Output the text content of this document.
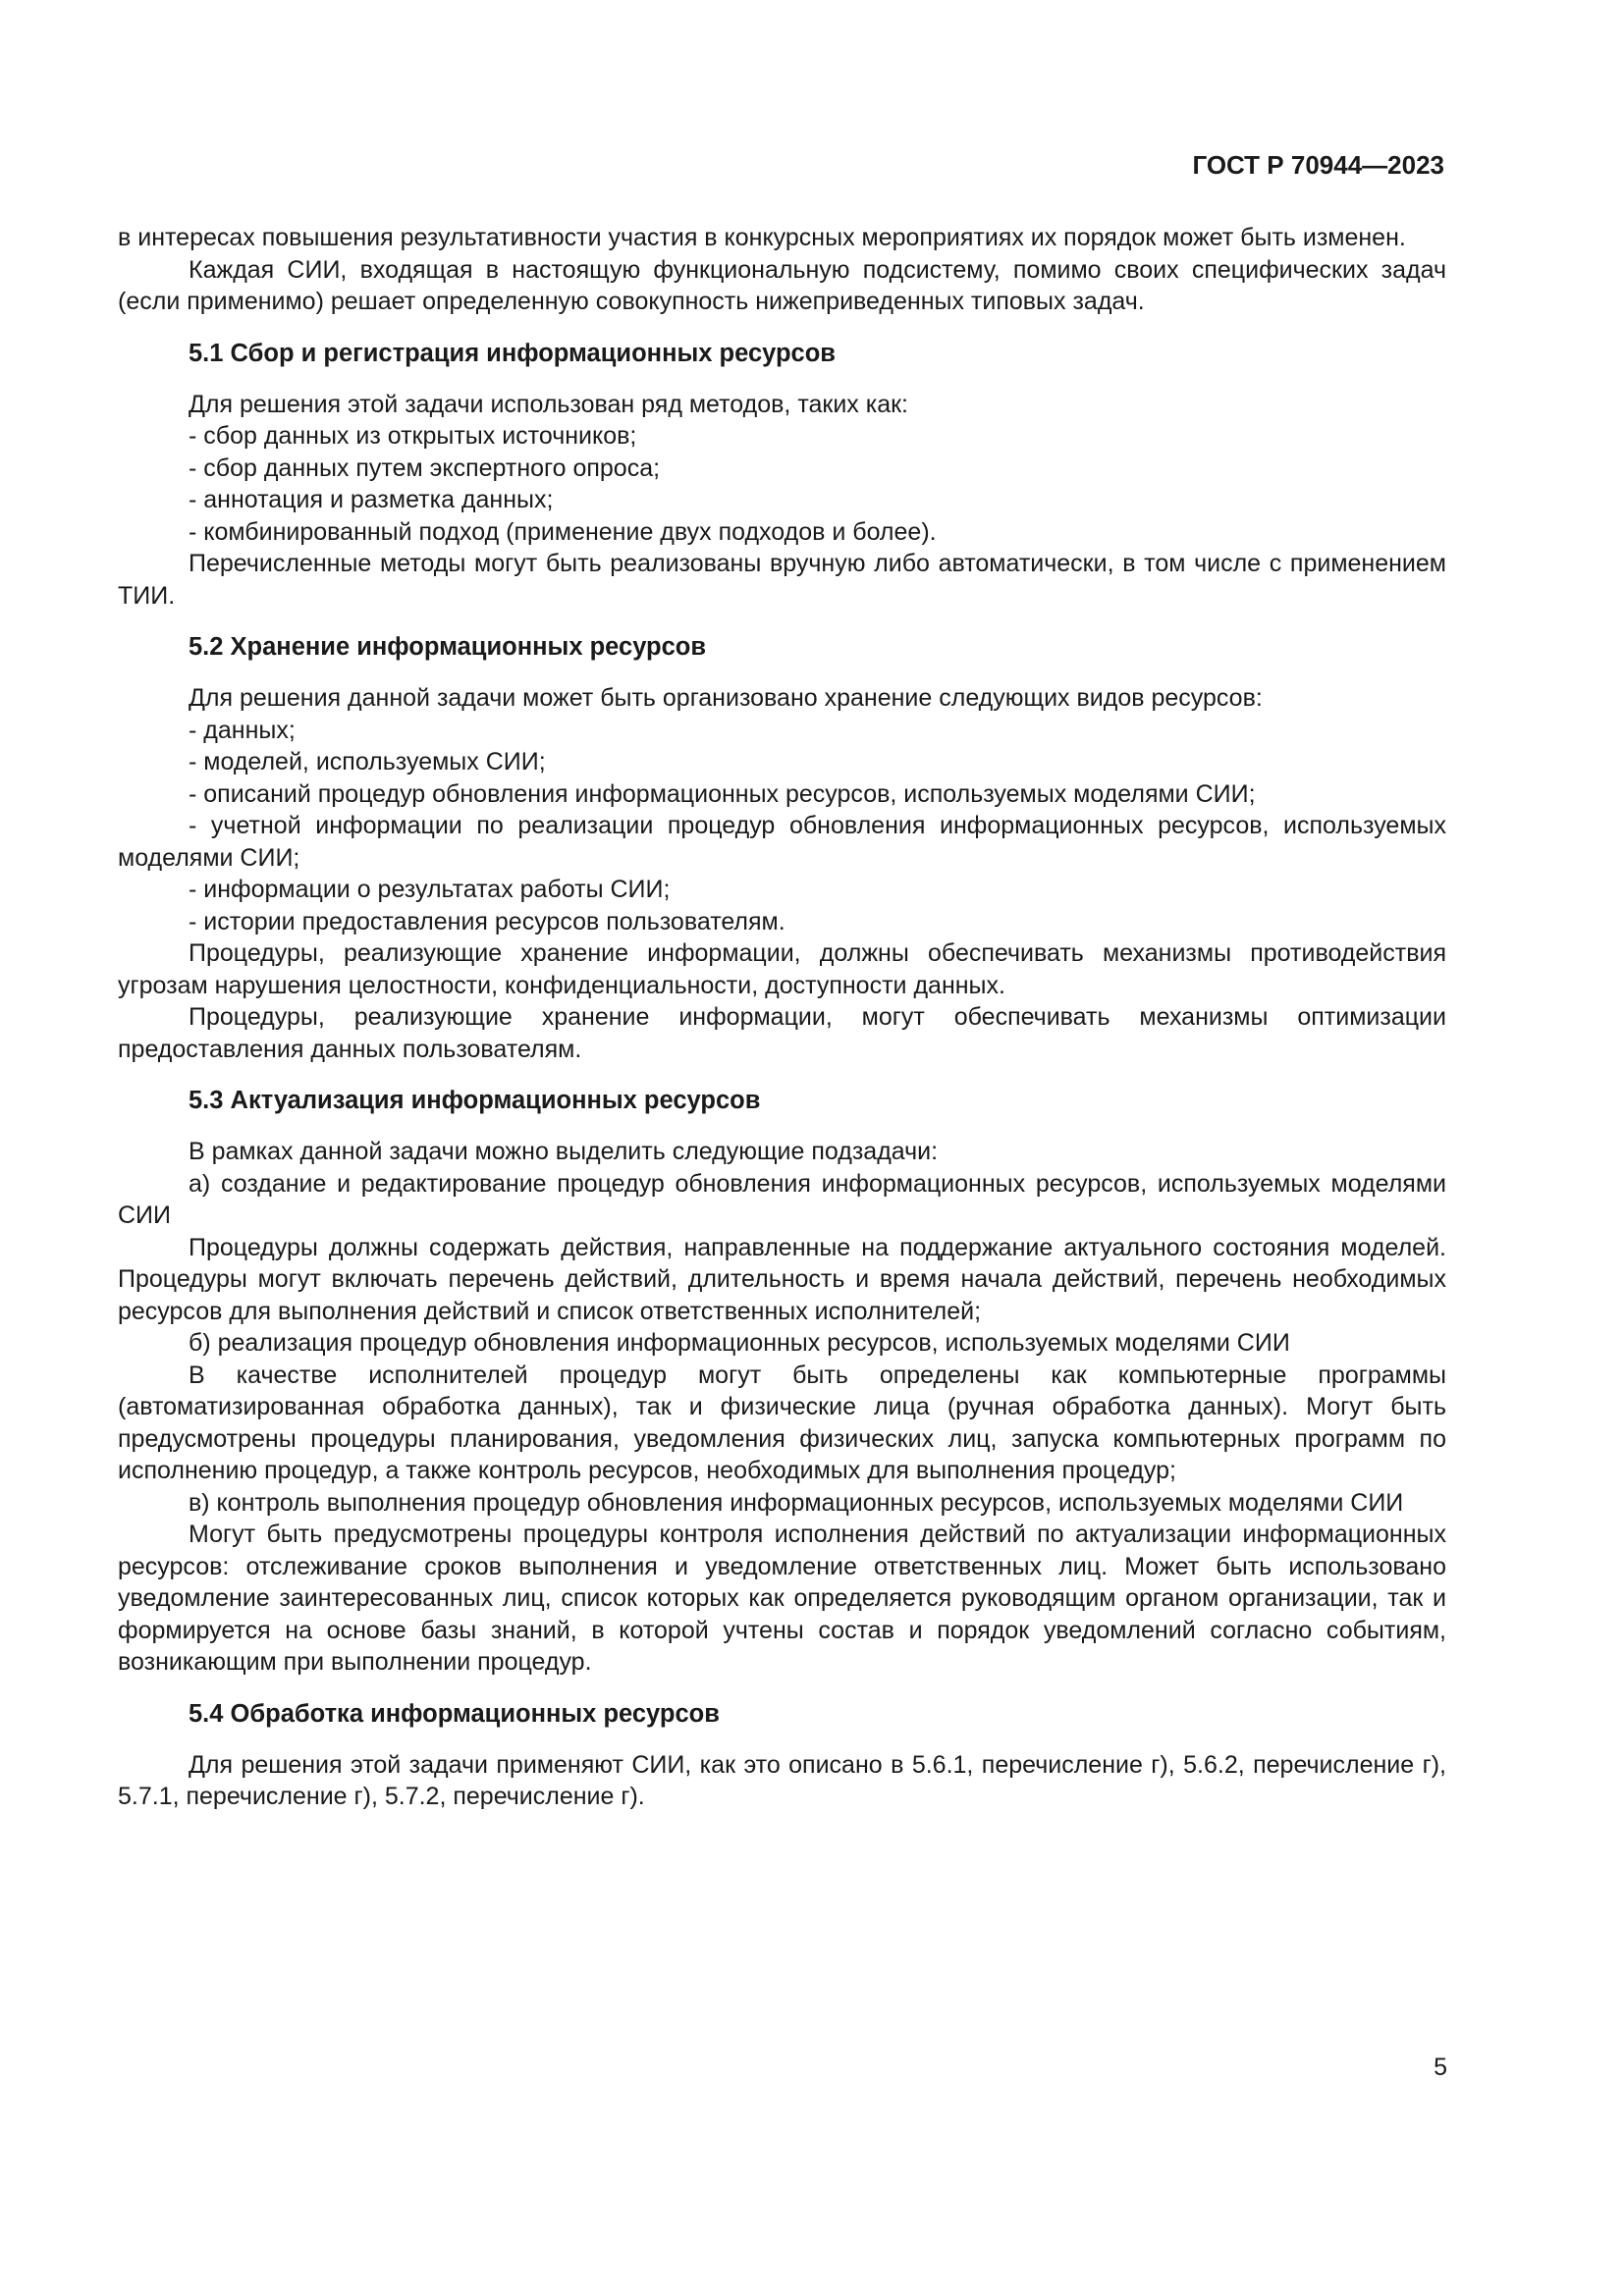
ГОСТ Р 70944—2023

в интересах повышения результативности участия в конкурсных мероприятиях их порядок может быть изменен.

Каждая СИИ, входящая в настоящую функциональную подсистему, помимо своих специфических задач (если применимо) решает определенную совокупность нижеприведенных типовых задач.

5.1 Сбор и регистрация информационных ресурсов

Для решения этой задачи использован ряд методов, таких как:

- сбор данных из открытых источников;

- сбор данных путем экспертного опроса;

- аннотация и разметка данных;

- комбинированный подход (применение двух подходов и более).

Перечисленные методы могут быть реализованы вручную либо автоматически, в том числе с применением ТИИ.

5.2 Хранение информационных ресурсов

Для решения данной задачи может быть организовано хранение следующих видов ресурсов:

- данных;

- моделей, используемых СИИ;

- описаний процедур обновления информационных ресурсов, используемых моделями СИИ;

- учетной информации по реализации процедур обновления информационных ресурсов, используемых моделями СИИ;

- информации о результатах работы СИИ;

- истории предоставления ресурсов пользователям.

Процедуры, реализующие хранение информации, должны обеспечивать механизмы противодействия угрозам нарушения целостности, конфиденциальности, доступности данных.

Процедуры, реализующие хранение информации, могут обеспечивать механизмы оптимизации предоставления данных пользователям.

5.3 Актуализация информационных ресурсов

В рамках данной задачи можно выделить следующие подзадачи:

а) создание и редактирование процедур обновления информационных ресурсов, используемых моделями СИИ

Процедуры должны содержать действия, направленные на поддержание актуального состояния моделей. Процедуры могут включать перечень действий, длительность и время начала действий, перечень необходимых ресурсов для выполнения действий и список ответственных исполнителей;

б) реализация процедур обновления информационных ресурсов, используемых моделями СИИ

В качестве исполнителей процедур могут быть определены как компьютерные программы (автоматизированная обработка данных), так и физические лица (ручная обработка данных). Могут быть предусмотрены процедуры планирования, уведомления физических лиц, запуска компьютерных программ по исполнению процедур, а также контроль ресурсов, необходимых для выполнения процедур;

в) контроль выполнения процедур обновления информационных ресурсов, используемых моделями СИИ

Могут быть предусмотрены процедуры контроля исполнения действий по актуализации информационных ресурсов: отслеживание сроков выполнения и уведомление ответственных лиц. Может быть использовано уведомление заинтересованных лиц, список которых как определяется руководящим органом организации, так и формируется на основе базы знаний, в которой учтены состав и порядок уведомлений согласно событиям, возникающим при выполнении процедур.

5.4 Обработка информационных ресурсов

Для решения этой задачи применяют СИИ, как это описано в 5.6.1, перечисление г), 5.6.2, перечисление г), 5.7.1, перечисление г), 5.7.2, перечисление г).

5
